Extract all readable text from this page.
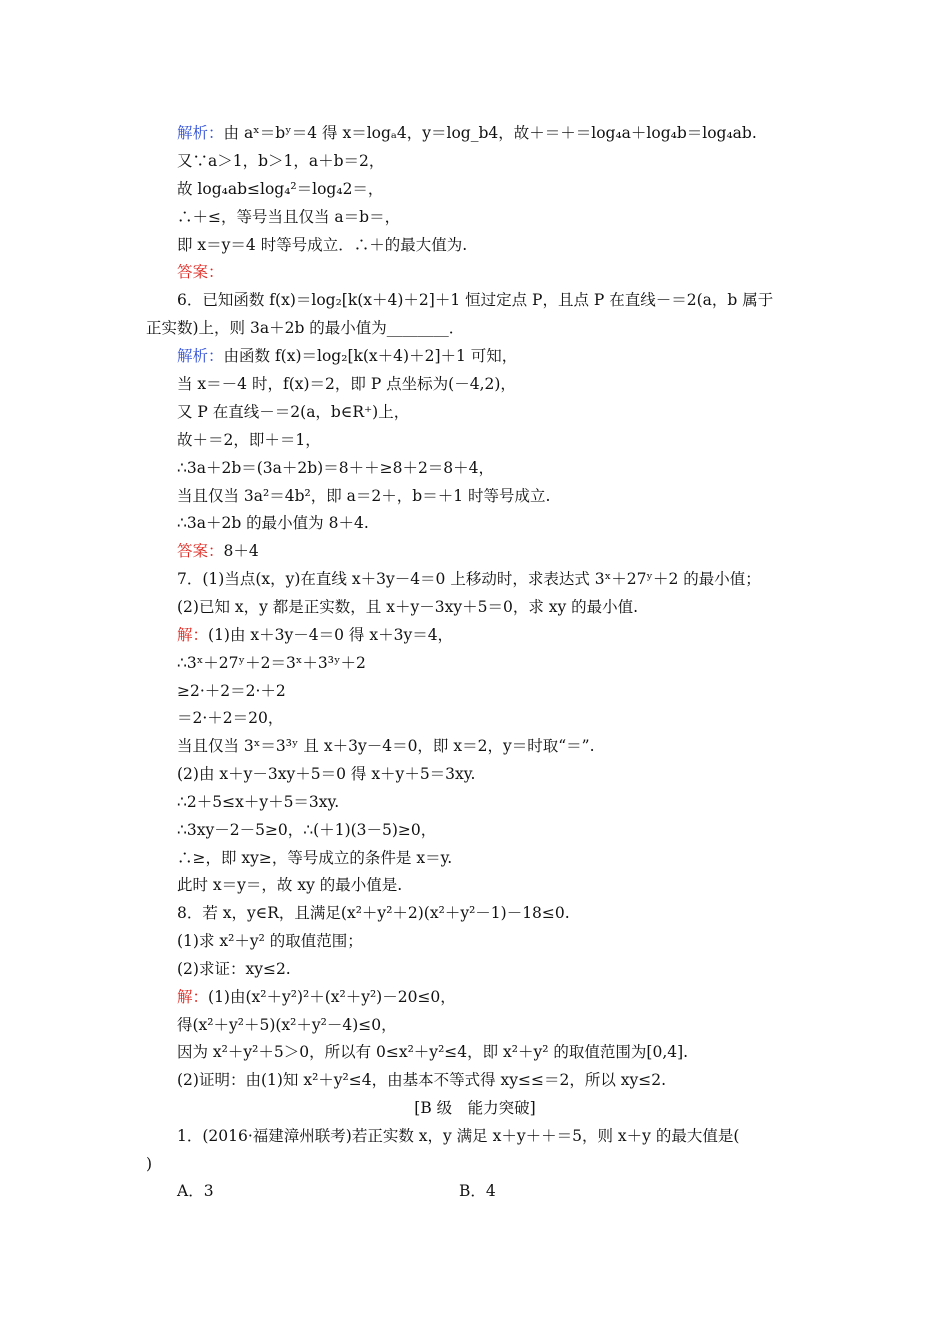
解析：由 aˣ＝bʸ＝4 得 x＝logₐ4，y＝log_b4，故＋＝＋＝log₄a＋log₄b＝log₄ab.
又∵a＞1，b＞1，a＋b＝2，
故 log₄ab≤log₄²＝log₄2＝，
∴＋≤，等号当且仅当 a＝b＝，
即 x＝y＝4 时等号成立．∴＋的最大值为.
答案：
6．已知函数 f(x)＝log₂[k(x＋4)＋2]＋1 恒过定点 P，且点 P 在直线－＝2(a，b 属于
正实数)上，则 3a＋2b 的最小值为________．
解析：由函数 f(x)＝log₂[k(x＋4)＋2]＋1 可知，
当 x＝－4 时，f(x)＝2，即 P 点坐标为(－4,2)，
又 P 在直线－＝2(a，b∈R⁺)上，
故＋＝2，即＋＝1，
∴3a＋2b＝(3a＋2b)＝8＋＋≥8＋2＝8＋4，
当且仅当 3a²＝4b²，即 a＝2＋，b＝＋1 时等号成立.
∴3a＋2b 的最小值为 8＋4.
答案：8＋4
7．(1)当点(x，y)在直线 x＋3y－4＝0 上移动时，求表达式 3ˣ＋27ʸ＋2 的最小值；
(2)已知 x，y 都是正实数，且 x＋y－3xy＋5＝0，求 xy 的最小值.
解：(1)由 x＋3y－4＝0 得 x＋3y＝4，
∴3ˣ＋27ʸ＋2＝3ˣ＋3³ʸ＋2
≥2·＋2＝2·＋2
＝2·＋2＝20，
当且仅当 3ˣ＝3³ʸ 且 x＋3y－4＝0，即 x＝2，y＝时取“＝”.
(2)由 x＋y－3xy＋5＝0 得 x＋y＋5＝3xy.
∴2＋5≤x＋y＋5＝3xy.
∴3xy－2－5≥0，∴(＋1)(3－5)≥0，
∴≥，即 xy≥，等号成立的条件是 x＝y.
此时 x＝y＝，故 xy 的最小值是.
8．若 x，y∈R，且满足(x²＋y²＋2)(x²＋y²－1)－18≤0.
(1)求 x²＋y² 的取值范围；
(2)求证：xy≤2.
解：(1)由(x²＋y²)²＋(x²＋y²)－20≤0，
得(x²＋y²＋5)(x²＋y²－4)≤0，
因为 x²＋y²＋5＞0，所以有 0≤x²＋y²≤4，即 x²＋y² 的取值范围为[0,4].
(2)证明：由(1)知 x²＋y²≤4，由基本不等式得 xy≤≤＝2，所以 xy≤2.
[B 级　能力突破]
1．(2016·福建漳州联考)若正实数 x，y 满足 x＋y＋＋＝5，则 x＋y 的最大值是(
)
A．3	B．4
